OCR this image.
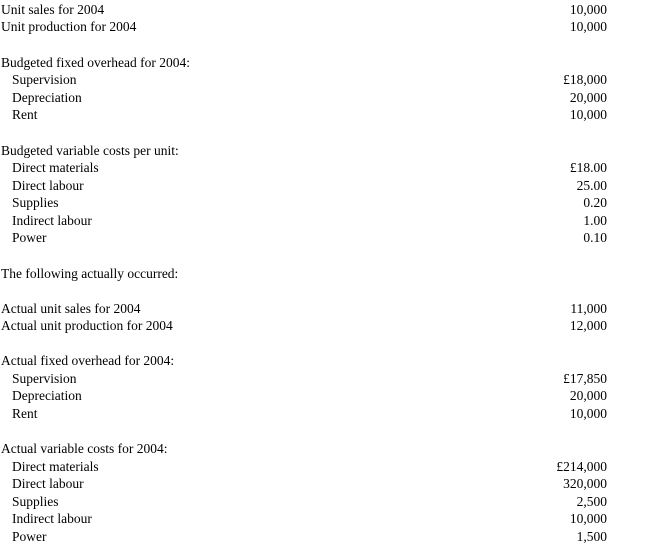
Unit sales for 2004	10,000
Unit production for 2004	10,000
Budgeted fixed overhead for 2004:
Supervision	£18,000
Depreciation	20,000
Rent	10,000
Budgeted variable costs per unit:
Direct materials	£18.00
Direct labour	25.00
Supplies	0.20
Indirect labour	1.00
Power	0.10
The following actually occurred:
Actual unit sales for 2004	11,000
Actual unit production for 2004	12,000
Actual fixed overhead for 2004:
Supervision	£17,850
Depreciation	20,000
Rent	10,000
Actual variable costs for 2004:
Direct materials	£214,000
Direct labour	320,000
Supplies	2,500
Indirect labour	10,000
Power	1,500
